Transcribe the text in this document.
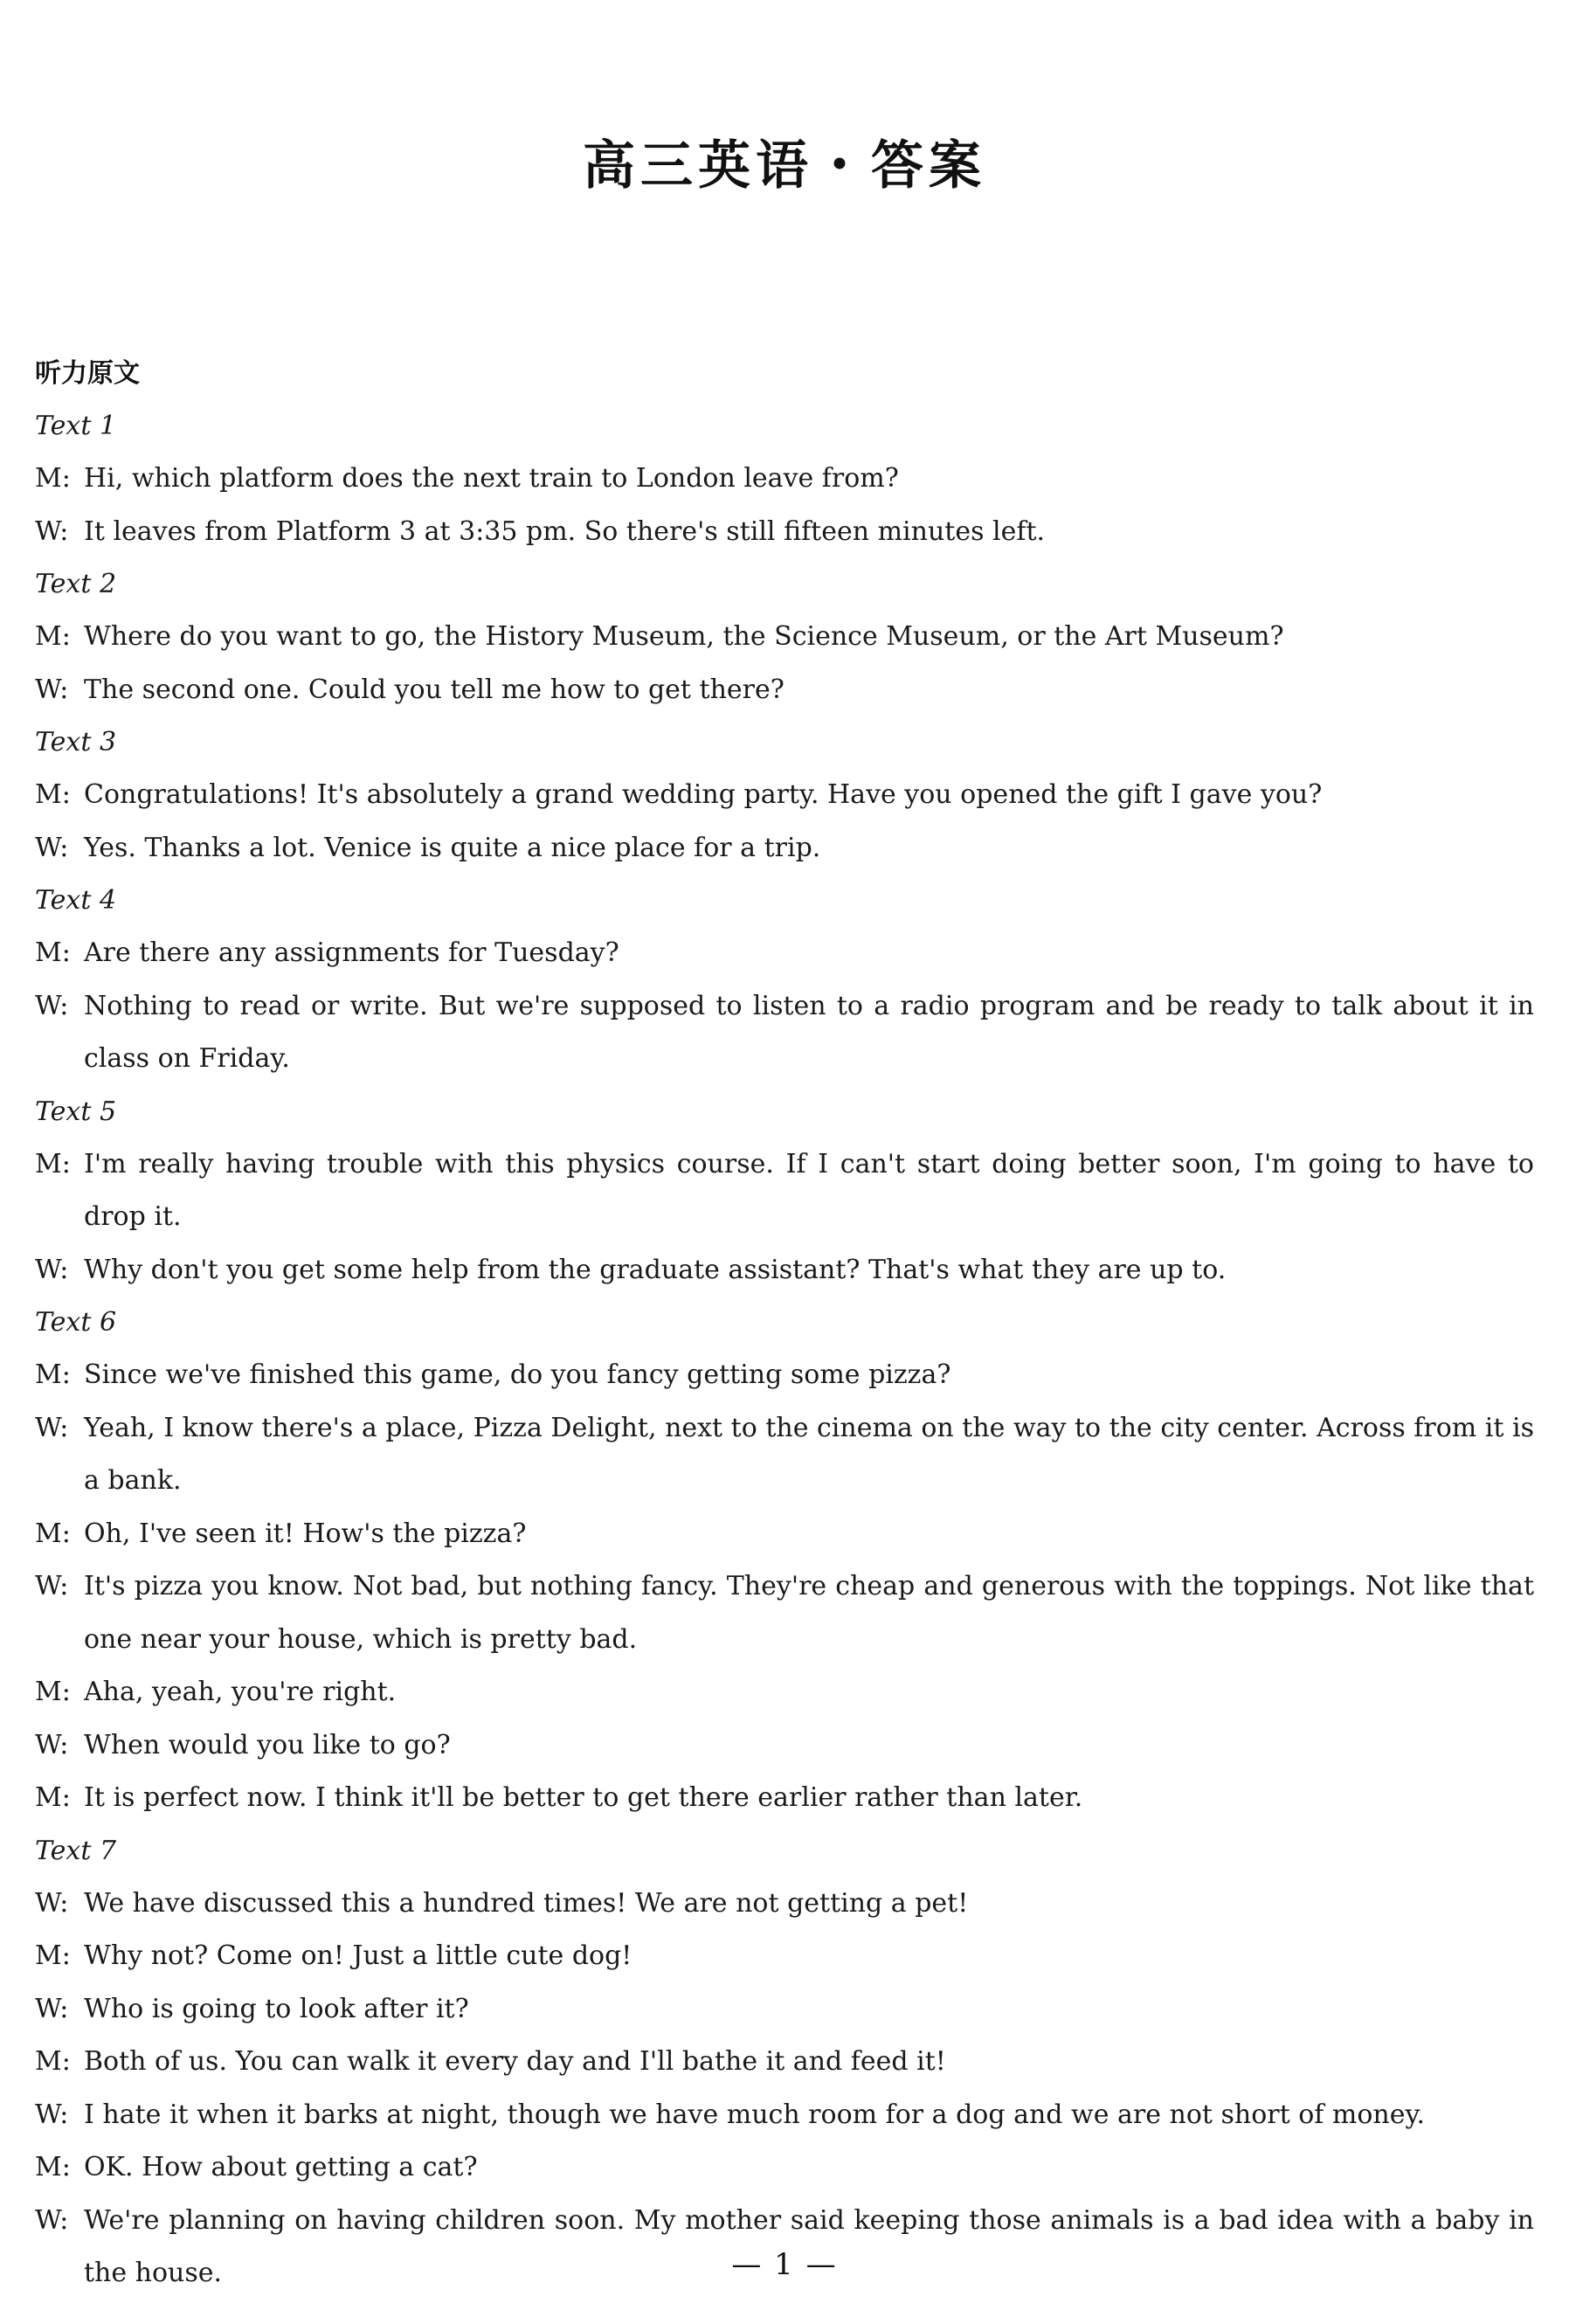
高三英语・答案
听力原文
Text 1
M: Hi, which platform does the next train to London leave from?
W: It leaves from Platform 3 at 3:35 pm. So there's still fifteen minutes left.
Text 2
M: Where do you want to go, the History Museum, the Science Museum, or the Art Museum?
W: The second one. Could you tell me how to get there?
Text 3
M: Congratulations! It's absolutely a grand wedding party. Have you opened the gift I gave you?
W: Yes. Thanks a lot. Venice is quite a nice place for a trip.
Text 4
M: Are there any assignments for Tuesday?
W: Nothing to read or write. But we're supposed to listen to a radio program and be ready to talk about it in class on Friday.
Text 5
M: I'm really having trouble with this physics course. If I can't start doing better soon, I'm going to have to drop it.
W: Why don't you get some help from the graduate assistant? That's what they are up to.
Text 6
M: Since we've finished this game, do you fancy getting some pizza?
W: Yeah, I know there's a place, Pizza Delight, next to the cinema on the way to the city center. Across from it is a bank.
M: Oh, I've seen it! How's the pizza?
W: It's pizza you know. Not bad, but nothing fancy. They're cheap and generous with the toppings. Not like that one near your house, which is pretty bad.
M: Aha, yeah, you're right.
W: When would you like to go?
M: It is perfect now. I think it'll be better to get there earlier rather than later.
Text 7
W: We have discussed this a hundred times! We are not getting a pet!
M: Why not? Come on! Just a little cute dog!
W: Who is going to look after it?
M: Both of us. You can walk it every day and I'll bathe it and feed it!
W: I hate it when it barks at night, though we have much room for a dog and we are not short of money.
M: OK. How about getting a cat?
W: We're planning on having children soon. My mother said keeping those animals is a bad idea with a baby in the house.	— 1 —
